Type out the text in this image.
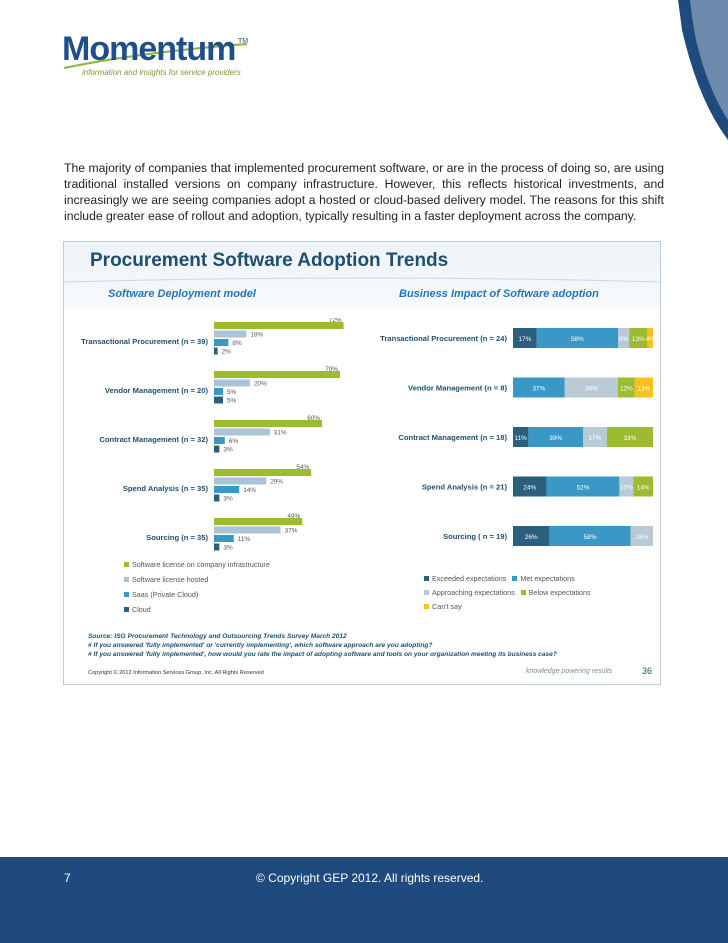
Momentum TM
information and insights for service providers

The majority of companies that implemented procurement software, or are in the process of doing so, are using traditional installed versions on company infrastructure. However, this reflects historical investments, and increasingly we are seeing companies adopt a hosted or cloud-based delivery model. The reasons for this shift include greater ease of rollout and adoption, typically resulting in a faster deployment across the company.

Procurement Software Adoption Trends
Software Deployment model	Business Impact of Software adoption
Transactional Procurement (n = 39)
72%
18%
8%
2%
Vendor Management (n = 20)
70%
20%
5%
5%
Contract Management (n = 32)
60%
31%
6%
3%
Spend Analysis (n = 35)
54%
29%
14%
3%
Sourcing (n = 35)
49%
37%
11%
3%
Transactional Procurement (n = 24) 17%	58%	8% 13% 4%
Vendor Management (n = 8)	37%	38%	12% 13%
Contract Management (n = 18) 11%	39%	17%	33%
Spend Analysis (n = 21)	24%	52%	10% 14%
Sourcing ( n = 19)	26%	58%	16%
Software license on company infrastructure
Software license hosted
Saas (Private Cloud)
Cloud
Exceeded expectations Met expectations
Approaching expectations Below expectations
Can't say
Source: ISG Procurement Technology and Outsourcing Trends Survey March 2012
# If you answered 'fully implemented' or 'currently implementing', which software approach are you adopting?
# If you answered 'fully implemented', how would you rate the impact of adopting software and tools on your organization meeting its business case?
Copyright © 2012 Information Services Group, Inc. All Rights Reserved	knowledge powering results	36
7	© Copyright GEP 2012. All rights reserved.
